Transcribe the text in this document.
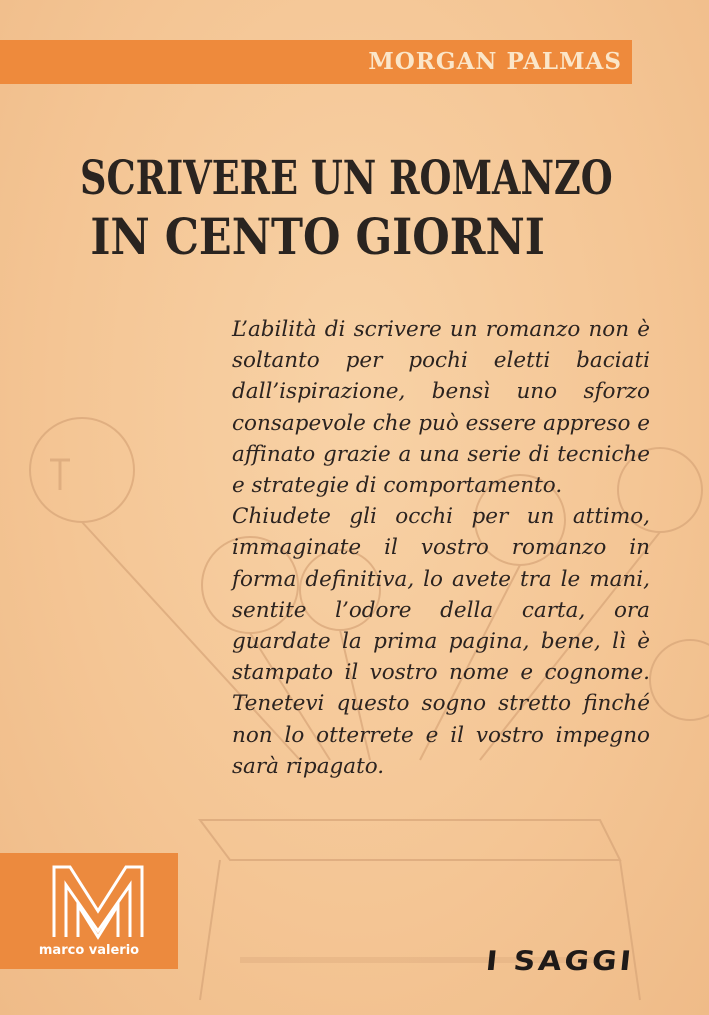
MORGAN PALMAS
SCRIVERE UN ROMANZO
IN CENTO GIORNI

L’abilità di scrivere un romanzo non è soltanto per pochi eletti baciati dall’ispirazione, bensì uno sforzo consapevole che può essere appreso e affinato grazie a una serie di tecniche e strategie di comportamento.

Chiudete gli occhi per un attimo, immaginate il vostro romanzo in forma definitiva, lo avete tra le mani, sentite l’odore della carta, ora guardate la prima pagina, bene, lì è stampato il vostro nome e cognome. Tenetevi questo sogno stretto finché non lo otterrete e il vostro impegno sarà ripagato.

marco valerio	I SAGGI
